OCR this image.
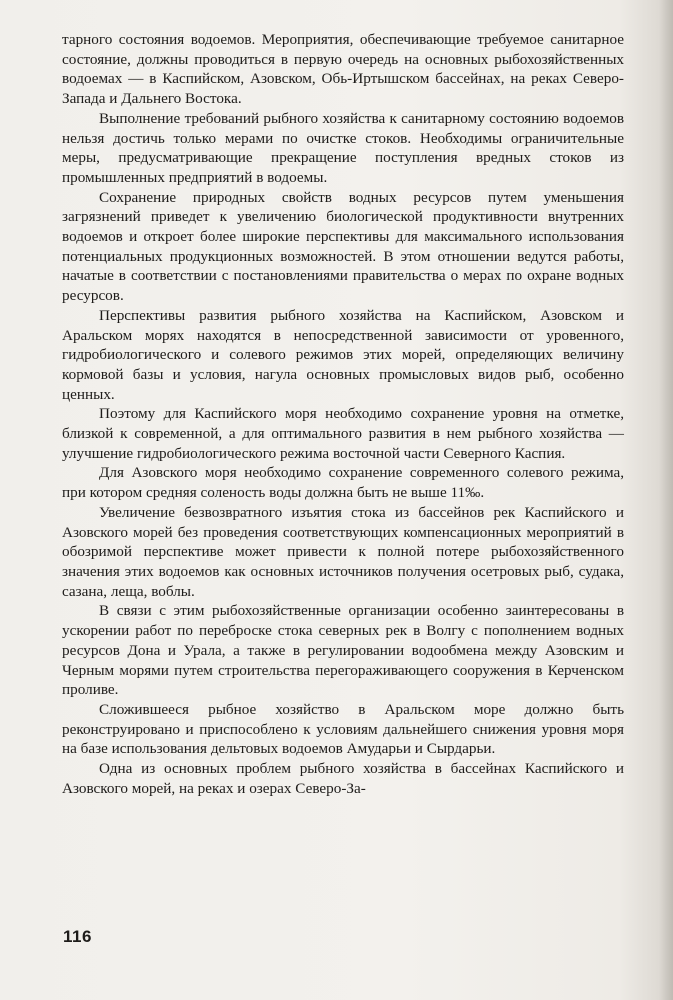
тарного состояния водоемов. Мероприятия, обеспечивающие требуемое санитарное состояние, должны проводиться в первую очередь на основных рыбохозяйственных водоемах — в Каспийском, Азовском, Обь-Иртышском бассейнах, на реках Северо-Запада и Дальнего Востока.

Выполнение требований рыбного хозяйства к санитарному состоянию водоемов нельзя достичь только мерами по очистке стоков. Необходимы ограничительные меры, предусматривающие прекращение поступления вредных стоков из промышленных предприятий в водоемы.

Сохранение природных свойств водных ресурсов путем уменьшения загрязнений приведет к увеличению биологической продуктивности внутренних водоемов и откроет более широкие перспективы для максимального использования потенциальных продукционных возможностей. В этом отношении ведутся работы, начатые в соответствии с постановлениями правительства о мерах по охране водных ресурсов.

Перспективы развития рыбного хозяйства на Каспийском, Азовском и Аральском морях находятся в непосредственной зависимости от уровенного, гидробиологического и солевого режимов этих морей, определяющих величину кормовой базы и условия, нагула основных промысловых видов рыб, особенно ценных.

Поэтому для Каспийского моря необходимо сохранение уровня на отметке, близкой к современной, а для оптимального развития в нем рыбного хозяйства — улучшение гидробиологического режима восточной части Северного Каспия.

Для Азовского моря необходимо сохранение современного солевого режима, при котором средняя соленость воды должна быть не выше 11‰.

Увеличение безвозвратного изъятия стока из бассейнов рек Каспийского и Азовского морей без проведения соответствующих компенсационных мероприятий в обозримой перспективе может привести к полной потере рыбохозяйственного значения этих водоемов как основных источников получения осетровых рыб, судака, сазана, леща, воблы.

В связи с этим рыбохозяйственные организации особенно заинтересованы в ускорении работ по переброске стока северных рек в Волгу с пополнением водных ресурсов Дона и Урала, а также в регулировании водообмена между Азовским и Черным морями путем строительства перегораживающего сооружения в Керченском проливе.

Сложившееся рыбное хозяйство в Аральском море должно быть реконструировано и приспособлено к условиям дальнейшего снижения уровня моря на базе использования дельтовых водоемов Амударьи и Сырдарьи.

Одна из основных проблем рыбного хозяйства в бассейнах Каспийского и Азовского морей, на реках и озерах Северо-За-

116
